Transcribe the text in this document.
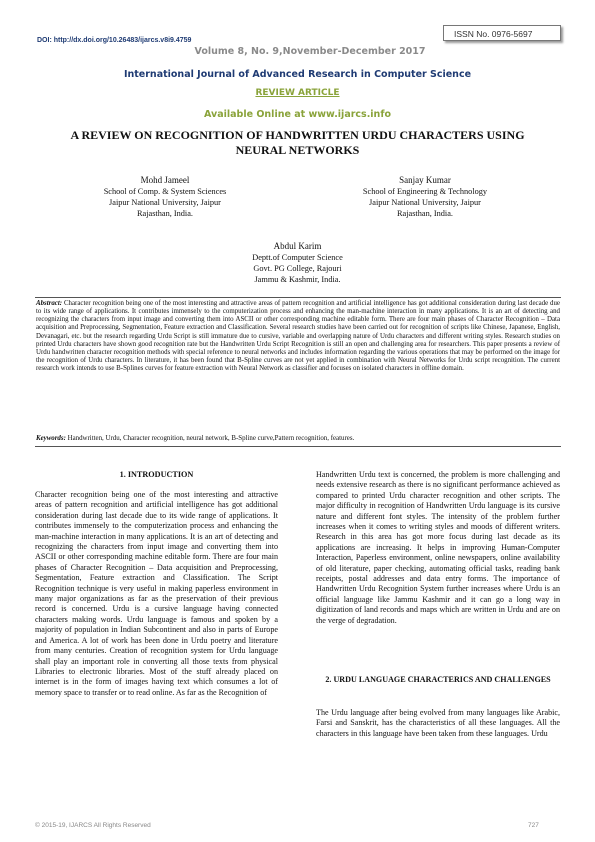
DOI: http://dx.doi.org/10.26483/ijarcs.v8i9.4759
ISSN No. 0976-5697
Volume 8, No. 9,November-December 2017
International Journal of Advanced Research in Computer Science
REVIEW ARTICLE
Available Online at www.ijarcs.info
A REVIEW ON RECOGNITION OF HANDWRITTEN URDU CHARACTERS USING NEURAL NETWORKS
Mohd Jameel
School of Comp. & System Sciences
Jaipur National University, Jaipur
Rajasthan, India.
Sanjay Kumar
School of Engineering & Technology
Jaipur National University, Jaipur
Rajasthan, India.
Abdul Karim
Deptt.of Computer Science
Govt. PG College, Rajouri
Jammu & Kashmir, India.
Abstract: Character recognition being one of the most interesting and attractive areas of pattern recognition and artificial intelligence has got additional consideration during last decade due to its wide range of applications. It contributes immensely to the computerization process and enhancing the man-machine interaction in many applications. It is an art of detecting and recognizing the characters from input image and converting them into ASCII or other corresponding machine editable form. There are four main phases of Character Recognition – Data acquisition and Preprocessing, Segmentation, Feature extraction and Classification. Several research studies have been carried out for recognition of scripts like Chinese, Japanese, English, Devanagari, etc. but the research regarding Urdu Script is still immature due to cursive, variable and overlapping nature of Urdu characters and different writing styles. Research studies on printed Urdu characters have shown good recognition rate but the Handwritten Urdu Script Recognition is still an open and challenging area for researchers. This paper presents a review of Urdu handwritten character recognition methods with special reference to neural networks and includes information regarding the various operations that may be performed on the image for the recognition of Urdu characters. In literature, it has been found that B-Spline curves are not yet applied in combination with Neural Networks for Urdu script recognition. The current research work intends to use B-Splines curves for feature extraction with Neural Network as classifier and focuses on isolated characters in offline domain.
Keywords: Handwritten, Urdu, Character recognition, neural network, B-Spline curve,Pattern recognition, features.
1. INTRODUCTION
Character recognition being one of the most interesting and attractive areas of pattern recognition and artificial intelligence has got additional consideration during last decade due to its wide range of applications. It contributes immensely to the computerization process and enhancing the man-machine interaction in many applications. It is an art of detecting and recognizing the characters from input image and converting them into ASCII or other corresponding machine editable form. There are four main phases of Character Recognition – Data acquisition and Preprocessing, Segmentation, Feature extraction and Classification. The Script Recognition technique is very useful in making paperless environment in many major organizations as far as the preservation of their previous record is concerned. Urdu is a cursive language having connected characters making words. Urdu language is famous and spoken by a majority of population in Indian Subcontinent and also in parts of Europe and America. A lot of work has been done in Urdu poetry and literature from many centuries. Creation of recognition system for Urdu language shall play an important role in converting all those texts from physical Libraries to electronic libraries. Most of the stuff already placed on internet is in the form of images having text which consumes a lot of memory space to transfer or to read online. As far as the Recognition of
Handwritten Urdu text is concerned, the problem is more challenging and needs extensive research as there is no significant performance achieved as compared to printed Urdu character recognition and other scripts. The major difficulty in recognition of Handwritten Urdu language is its cursive nature and different font styles. The intensity of the problem further increases when it comes to writing styles and moods of different writers. Research in this area has got more focus during last decade as its applications are increasing. It helps in improving Human-Computer Interaction, Paperless environment, online newspapers, online availability of old literature, paper checking, automating official tasks, reading bank receipts, postal addresses and data entry forms. The importance of Handwritten Urdu Recognition System further increases where Urdu is an official language like Jammu Kashmir and it can go a long way in digitization of land records and maps which are written in Urdu and are on the verge of degradation.
2. URDU LANGUAGE CHARACTERICS AND CHALLENGES
The Urdu language after being evolved from many languages like Arabic, Farsi and Sanskrit, has the characteristics of all these languages. All the characters in this language have been taken from these languages. Urdu
© 2015-19, IJARCS All Rights Reserved	727
